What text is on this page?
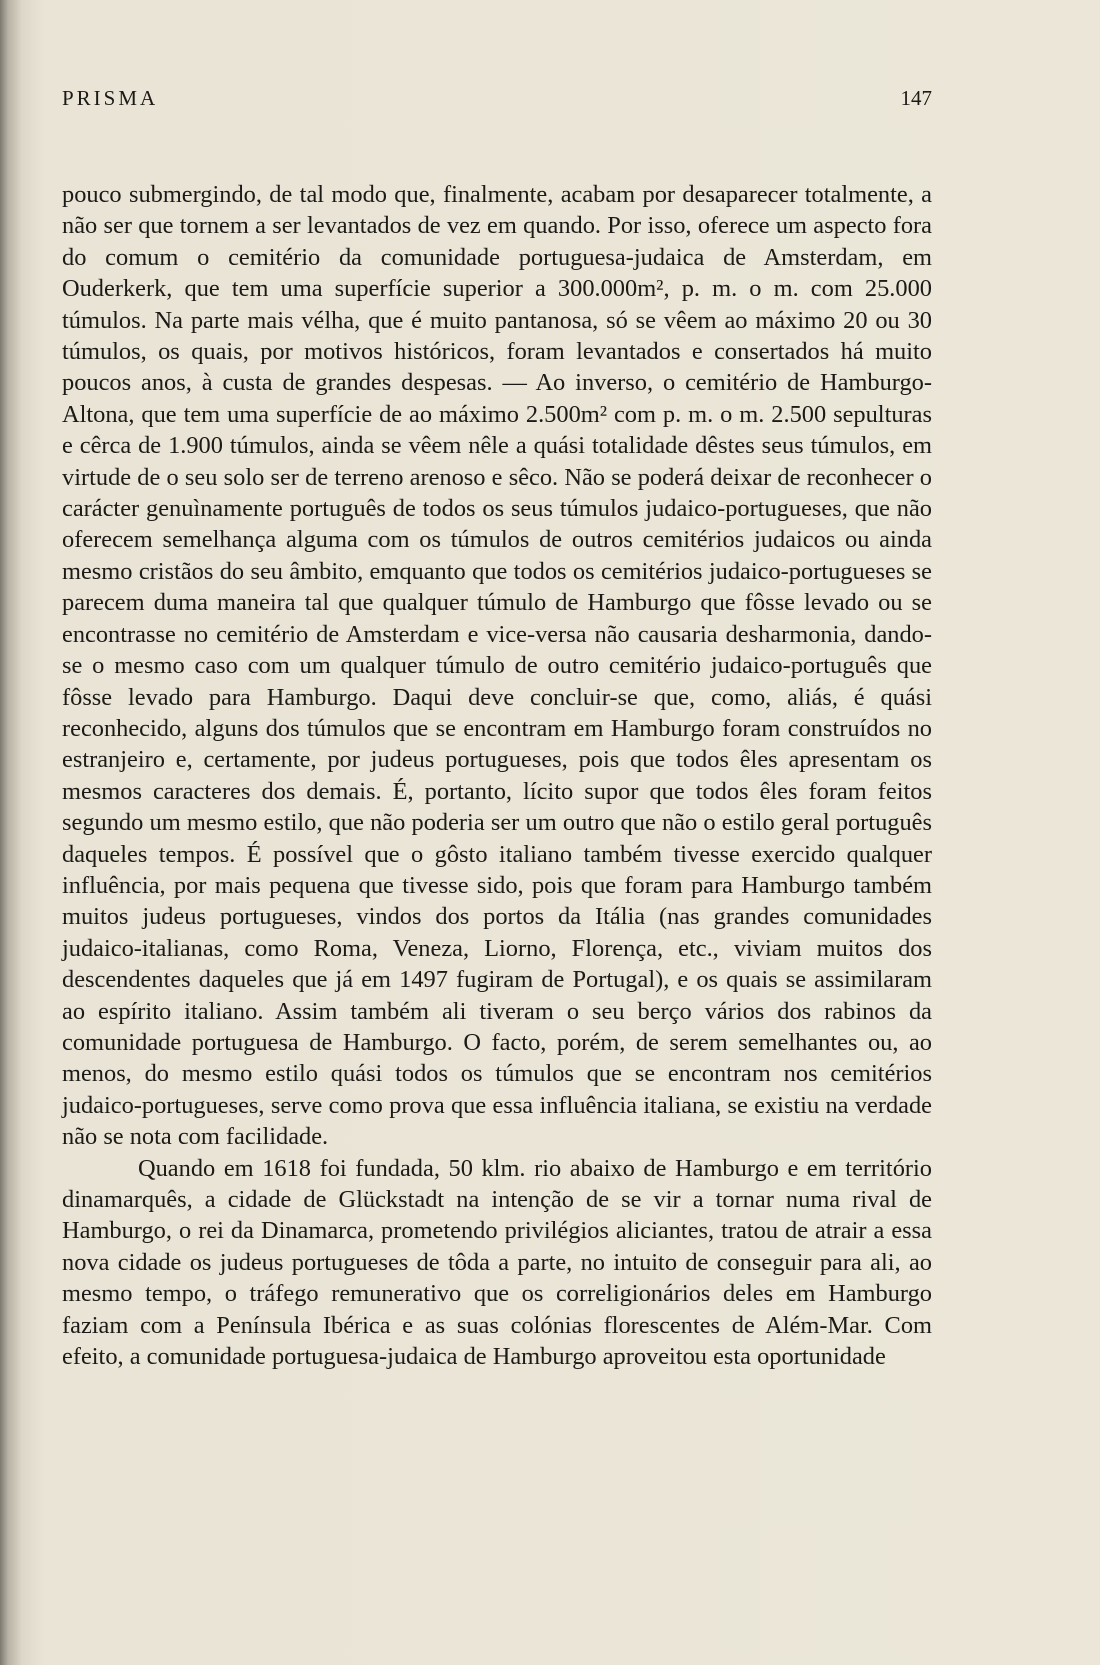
PRISMA	147

pouco submergindo, de tal modo que, finalmente, acabam por desaparecer totalmente, a não ser que tornem a ser levantados de vez em quando. Por isso, oferece um aspecto fora do comum o cemitério da comunidade portuguesa-judaica de Amsterdam, em Ouderkerk, que tem uma superfície superior a 300.000m², p. m. o m. com 25.000 túmulos. Na parte mais vélha, que é muito pantanosa, só se vêem ao máximo 20 ou 30 túmulos, os quais, por motivos históricos, foram levantados e consertados há muito poucos anos, à custa de grandes despesas. — Ao inverso, o cemitério de Hamburgo-Altona, que tem uma superfície de ao máximo 2.500m² com p. m. o m. 2.500 sepulturas e cêrca de 1.900 túmulos, ainda se vêem nêle a quási totalidade dêstes seus túmulos, em virtude de o seu solo ser de terreno arenoso e sêco. Não se poderá deixar de reconhecer o carácter genuìnamente português de todos os seus túmulos judaico-portugueses, que não oferecem semelhança alguma com os túmulos de outros cemitérios judaicos ou ainda mesmo cristãos do seu âmbito, emquanto que todos os cemitérios judaico-portugueses se parecem duma maneira tal que qualquer túmulo de Hamburgo que fôsse levado ou se encontrasse no cemitério de Amsterdam e vice-versa não causaria desharmonia, dando-se o mesmo caso com um qualquer túmulo de outro cemitério judaico-português que fôsse levado para Hamburgo. Daqui deve concluir-se que, como, aliás, é quási reconhecido, alguns dos túmulos que se encontram em Hamburgo foram construídos no estranjeiro e, certamente, por judeus portugueses, pois que todos êles apresentam os mesmos caracteres dos demais. É, portanto, lícito supor que todos êles foram feitos segundo um mesmo estilo, que não poderia ser um outro que não o estilo geral português daqueles tempos. É possível que o gôsto italiano também tivesse exercido qualquer influência, por mais pequena que tivesse sido, pois que foram para Hamburgo também muitos judeus portugueses, vindos dos portos da Itália (nas grandes comunidades judaico-italianas, como Roma, Veneza, Liorno, Florença, etc., viviam muitos dos descendentes daqueles que já em 1497 fugiram de Portugal), e os quais se assimilaram ao espírito italiano. Assim também ali tiveram o seu berço vários dos rabinos da comunidade portuguesa de Hamburgo. O facto, porém, de serem semelhantes ou, ao menos, do mesmo estilo quási todos os túmulos que se encontram nos cemitérios judaico-portugueses, serve como prova que essa influência italiana, se existiu na verdade não se nota com facilidade.

Quando em 1618 foi fundada, 50 klm. rio abaixo de Hamburgo e em território dinamarquês, a cidade de Glückstadt na intenção de se vir a tornar numa rival de Hamburgo, o rei da Dinamarca, prometendo privilégios aliciantes, tratou de atrair a essa nova cidade os judeus portugueses de tôda a parte, no intuito de conseguir para ali, ao mesmo tempo, o tráfego remunerativo que os correligionários deles em Hamburgo faziam com a Península Ibérica e as suas colónias florescentes de Além-Mar. Com efeito, a comunidade portuguesa-judaica de Hamburgo aproveitou esta oportunidade
